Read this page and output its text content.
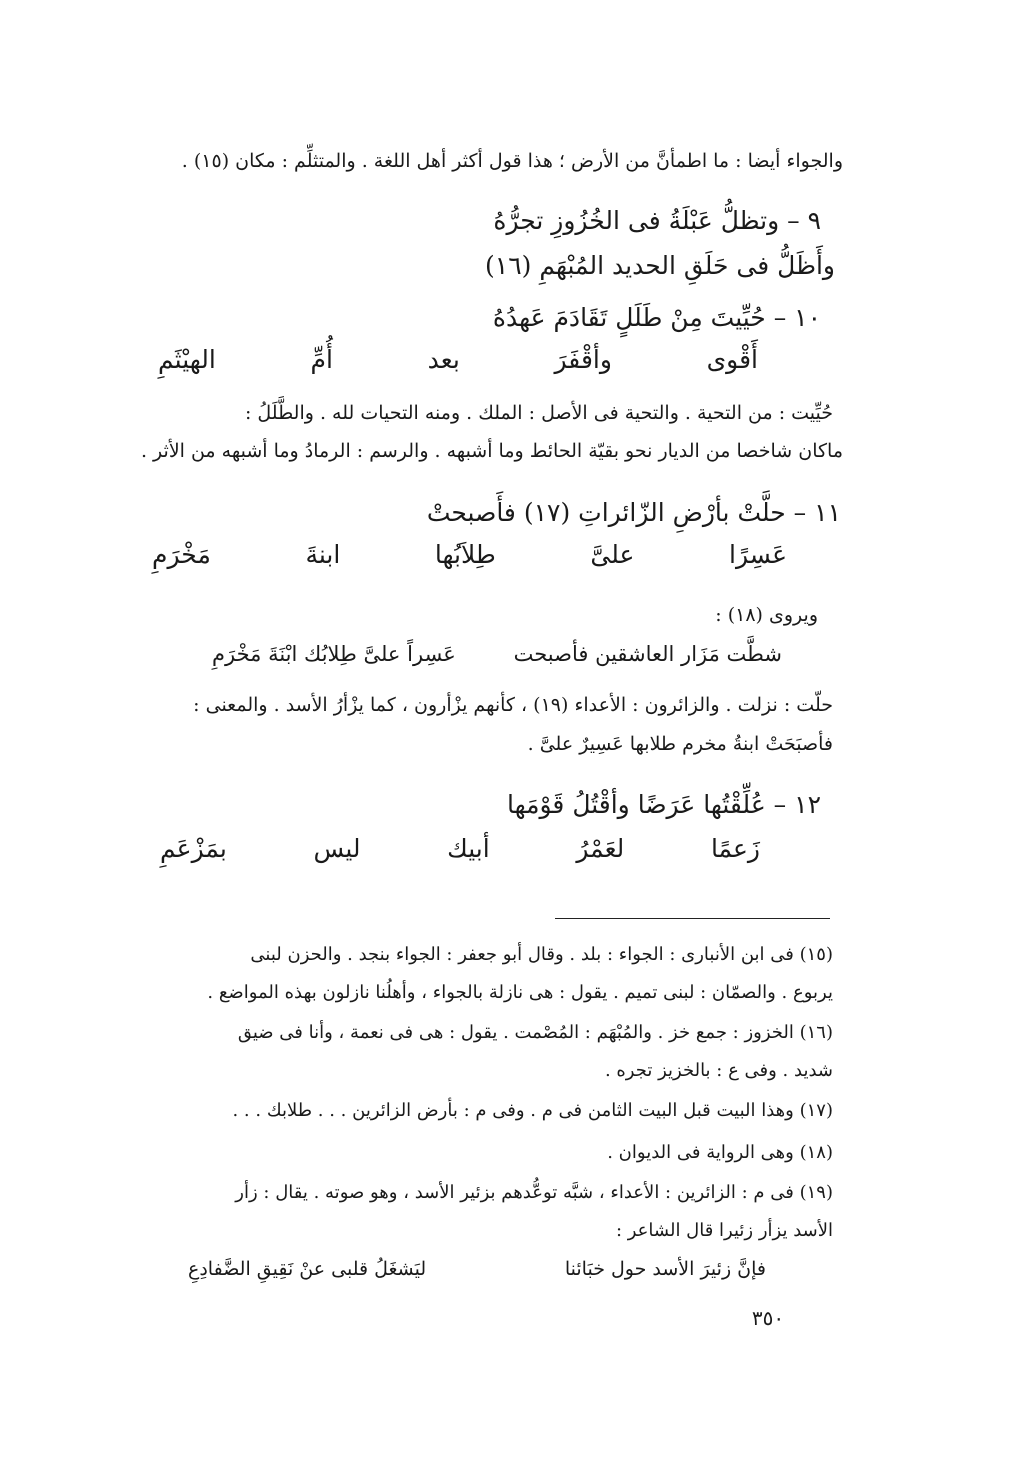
والجواء أيضا : ما اطمأنَّ من الأرض ؛ هذا قول أكثر أهل اللغة . والمتثلِّم : مكان (١٥) .
٩ – وتظلُّ عَبْلَةُ فى الخُزُوزِ تجرُّهُ
وأَظَلُّ فى حَلَقِ الحديد المُبْهَمِ (١٦)
١٠ – حُيِّيتَ مِنْ طَلَلٍ تَقَادَمَ عَهدُهُ
أَقْوى
وأقْفَرَ
بعد
أُمِّ
الهيْثَمِ
حُيِّيت : من التحية . والتحية فى الأصل : الملك . ومنه التحيات لله . والطَّلَلُ :
ماكان شاخصا من الديار نحو بقيّة الحائط وما أشبهه . والرسم : الرمادُ وما أشبهه من الأثر .
١١ – حلَّتْ بأرْضِ الزّائراتِ (١٧) فأَصبحتْ
عَسِرًا
علىَّ
طِلاَبُها
ابنةَ
مَخْرَمِ
ويروى (١٨) :
شطَّت مَزَار العاشقين فأصبحت
عَسِراً علىَّ طِلابُك ابْنَةَ مَخْرَمِ
حلّت : نزلت . والزائرون : الأعداء (١٩) ، كأنهم يزْأرون ، كما يزْأرُ الأسد . والمعنى :
فأصبَحَتْ ابنةُ مخرم طلابها عَسِيرٌ علىَّ .
١٢ – عُلِّقْتُها عَرَضًا وأقْتُلُ قَوْمَها
زَعمًا
لعَمْرُ
أبيك
ليس
بمَزْعَمِ
(١٥) فى ابن الأنبارى : الجواء : بلد . وقال أبو جعفر : الجواء بنجد . والحزن لبنى
يربوع . والصمّان : لبنى تميم . يقول : هى نازلة بالجواء ، وأهلُنا نازلون بهذه المواضع .
(١٦) الخزوز : جمع خز . والمُبْهَم : المُصْمت . يقول : هى فى نعمة ، وأنا فى ضيق
شديد . وفى ع : بالخزيز تجره .
(١٧) وهذا البيت قبل البيت الثامن فى م . وفى م : بأرض الزائرين . . . طلابك . . .
(١٨) وهى الرواية فى الديوان .
(١٩) فى م : الزائرين : الأعداء ، شبَّه توعُّدهم بزئير الأسد ، وهو صوته . يقال : زأر
الأسد يزأر زئيرا قال الشاعر :
فإنَّ زئيرَ الأسد حول خبَائنا
ليَشغَلُ قلبى عنْ نَقِيقِ الضَّفادِعِ
٣٥٠
